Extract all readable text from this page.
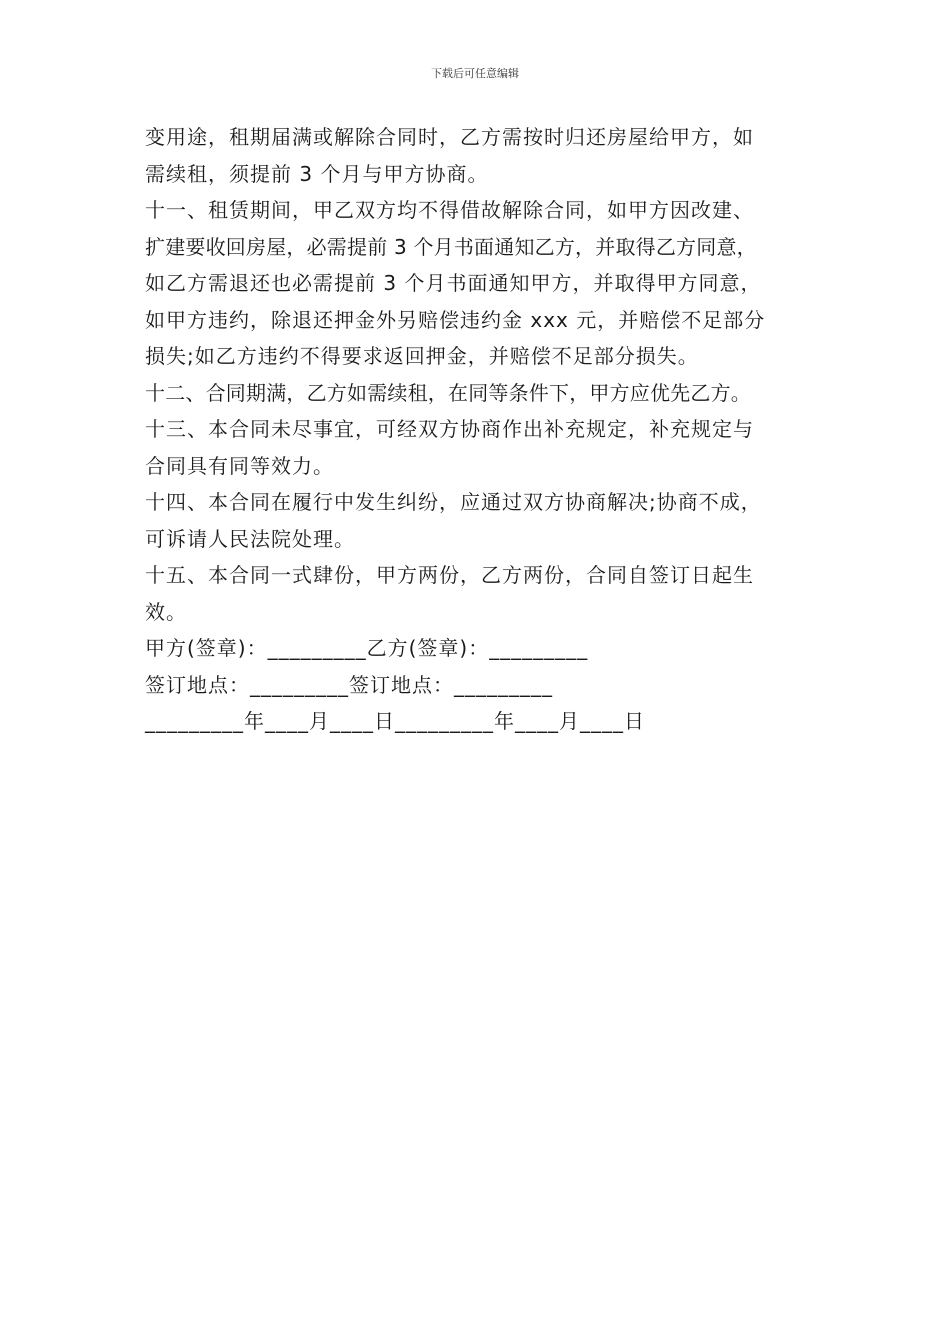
下载后可任意编辑
变用途，租期届满或解除合同时，乙方需按时归还房屋给甲方，如
需续租，须提前 3 个月与甲方协商。
十一、租赁期间，甲乙双方均不得借故解除合同，如甲方因改建、
扩建要收回房屋，必需提前 3 个月书面通知乙方，并取得乙方同意，
如乙方需退还也必需提前 3 个月书面通知甲方，并取得甲方同意，
如甲方违约，除退还押金外另赔偿违约金 xxx 元，并赔偿不足部分
损失;如乙方违约不得要求返回押金，并赔偿不足部分损失。
十二、合同期满，乙方如需续租，在同等条件下，甲方应优先乙方。
十三、本合同未尽事宜，可经双方协商作出补充规定，补充规定与
合同具有同等效力。
十四、本合同在履行中发生纠纷，应通过双方协商解决;协商不成，
可诉请人民法院处理。
十五、本合同一式肆份，甲方两份，乙方两份，合同自签订日起生
效。
甲方(签章)：_________乙方(签章)：_________
签订地点：_________签订地点：_________
_________年____月____日_________年____月____日
